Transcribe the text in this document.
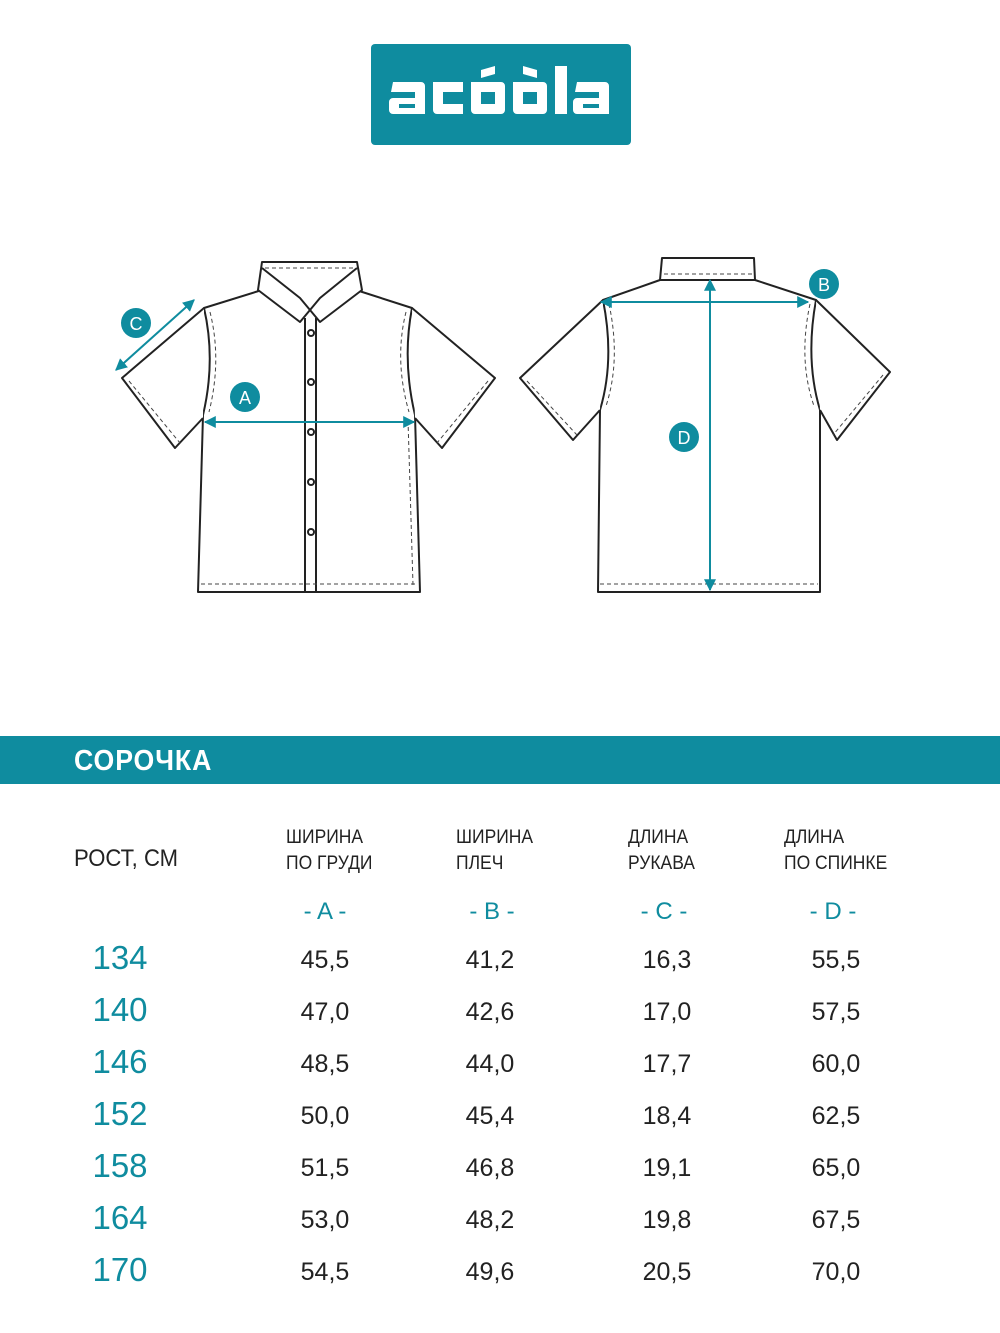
A
C
B
D
СОРОЧКА
РОСТ, СМ
ШИРИНА
ПО ГРУДИ
ШИРИНА
ПЛЕЧ
ДЛИНА
РУКАВА
ДЛИНА
ПО СПИНКЕ
- A -	- B -	- C -	- D -
134	45,5	41,2	16,3	55,5
140	47,0	42,6	17,0	57,5
146	48,5	44,0	17,7	60,0
152	50,0	45,4	18,4	62,5
158	51,5	46,8	19,1	65,0
164	53,0	48,2	19,8	67,5
170	54,5	49,6	20,5	70,0
